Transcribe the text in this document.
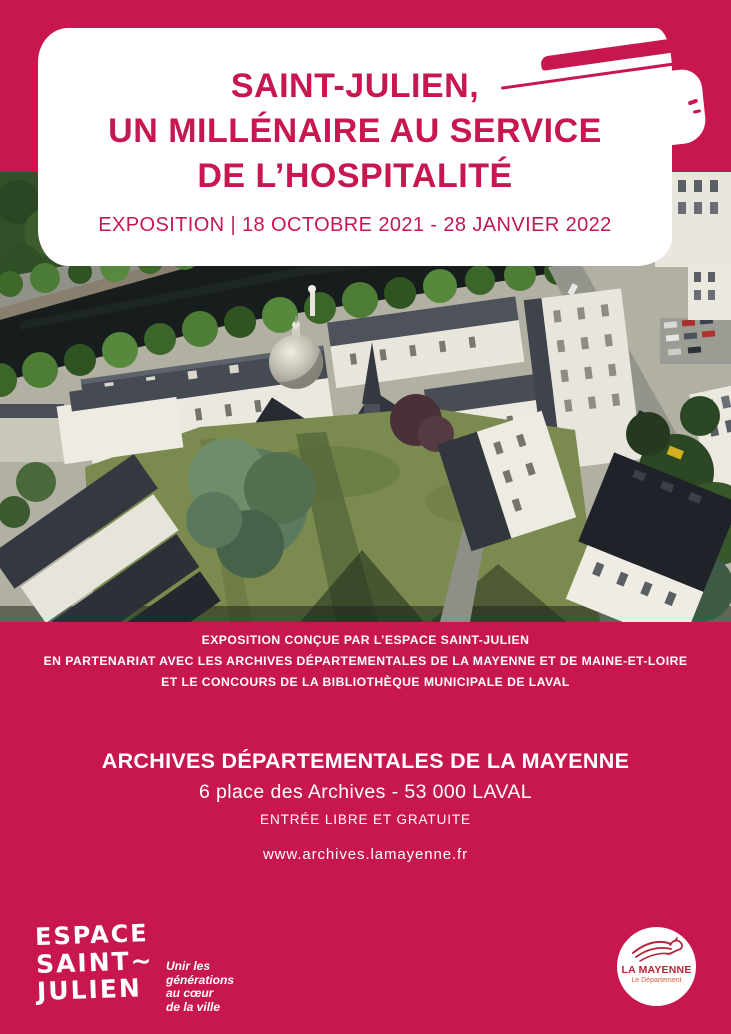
SAINT-JULIEN,
UN MILLÉNAIRE AU SERVICE
DE L’HOSPITALITÉ
EXPOSITION | 18 OCTOBRE 2021 - 28 JANVIER 2022
EXPOSITION CONÇUE PAR L’ESPACE SAINT-JULIEN
EN PARTENARIAT AVEC LES ARCHIVES DÉPARTEMENTALES DE LA MAYENNE ET DE MAINE-ET-LOIRE
ET LE CONCOURS DE LA BIBLIOTHÈQUE MUNICIPALE DE LAVAL
ARCHIVES DÉPARTEMENTALES DE LA MAYENNE
6 place des Archives - 53 000 LAVAL
ENTRÉE LIBRE ET GRATUITE
www.archives.lamayenne.fr
ESPACE
SAINT~
JULIEN
Unir les
générations
au cœur
de la ville
LA MAYENNE
Le Département
